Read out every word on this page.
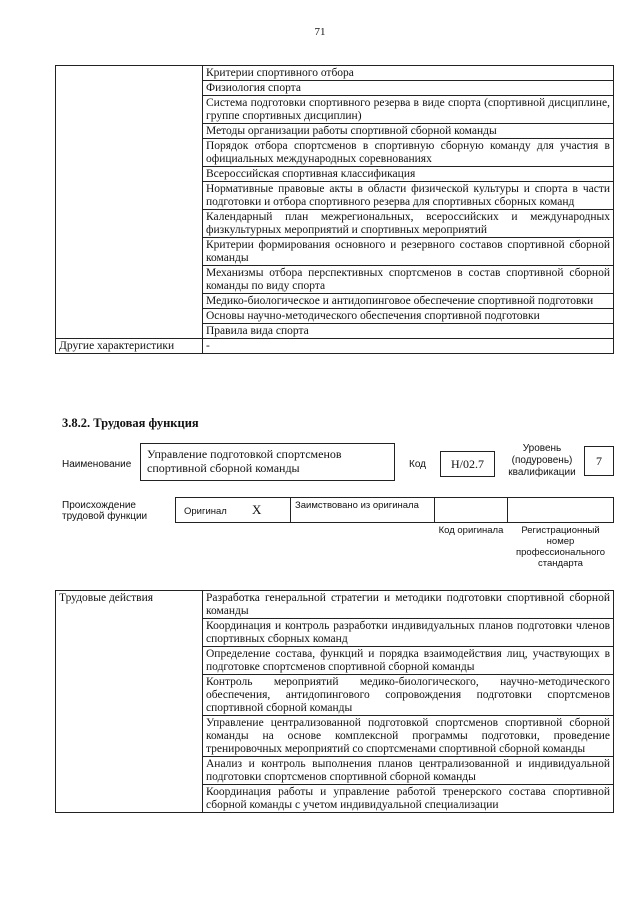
71
	Критерии спортивного отбора
	Физиология спорта
	Система подготовки спортивного резерва в виде спорта (спортивной дисциплине, группе спортивных дисциплин)
	Методы организации работы спортивной сборной команды
	Порядок отбора спортсменов в спортивную сборную команду для участия в официальных международных соревнованиях
	Всероссийская спортивная классификация
	Нормативные правовые акты в области физической культуры и спорта в части подготовки и отбора спортивного резерва для спортивных сборных команд
	Календарный план межрегиональных, всероссийских и международных физкультурных мероприятий и спортивных мероприятий
	Критерии формирования основного и резервного составов спортивной сборной команды
	Механизмы отбора перспективных спортсменов в состав спортивной сборной команды по виду спорта
	Медико-биологическое и антидопинговое обеспечение спортивной подготовки
	Основы научно-методического обеспечения спортивной подготовки
	Правила вида спорта
Другие характеристики	-
3.8.2. Трудовая функция
Наименование
Управление подготовкой спортсменов спортивной сборной команды	Код	H/02.7
Уровень (подуровень) квалификации
7
Происхождение трудовой функции	Оригинал X	Заимствовано из оригинала
Код оригинала	Регистрационный номер профессионального стандарта
Трудовые действия	Разработка генеральной стратегии и методики подготовки спортивной сборной команды
Координация и контроль разработки индивидуальных планов подготовки членов спортивных сборных команд
Определение состава, функций и порядка взаимодействия лиц, участвующих в подготовке спортсменов спортивной сборной команды
Контроль мероприятий медико-биологического, научно-методического обеспечения, антидопингового сопровождения подготовки спортсменов спортивной сборной команды
Управление централизованной подготовкой спортсменов спортивной сборной команды на основе комплексной программы подготовки, проведение тренировочных мероприятий со спортсменами спортивной сборной команды
Анализ и контроль выполнения планов централизованной и индивидуальной подготовки спортсменов спортивной сборной команды
Координация работы и управление работой тренерского состава спортивной сборной команды с учетом индивидуальной специализации
